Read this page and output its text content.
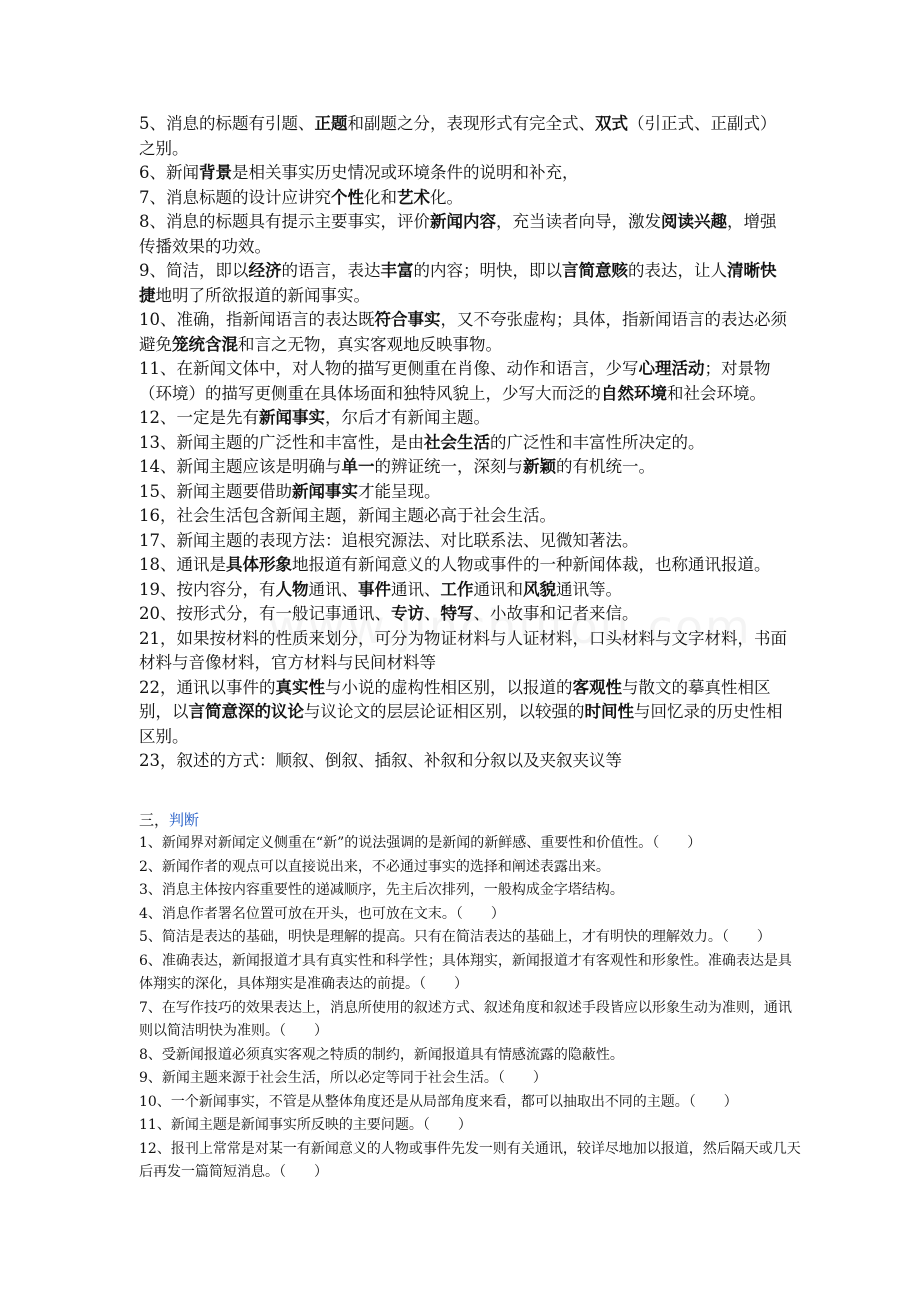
5、消息的标题有引题、正题和副题之分，表现形式有完全式、双式（引正式、正副式）之别。

6、新闻背景是相关事实历史情况或环境条件的说明和补充，

7、消息标题的设计应讲究个性化和艺术化。

8、消息的标题具有提示主要事实，评价新闻内容，充当读者向导，激发阅读兴趣，增强传播效果的功效。

9、简洁，即以经济的语言，表达丰富的内容；明快，即以言简意赅的表达，让人清晰快捷地明了所欲报道的新闻事实。

10、准确，指新闻语言的表达既符合事实，又不夸张虚构；具体，指新闻语言的表达必须避免笼统含混和言之无物，真实客观地反映事物。

11、在新闻文体中，对人物的描写更侧重在肖像、动作和语言，少写心理活动；对景物（环境）的描写更侧重在具体场面和独特风貌上，少写大而泛的自然环境和社会环境。

12、一定是先有新闻事实，尔后才有新闻主题。

13、新闻主题的广泛性和丰富性，是由社会生活的广泛性和丰富性所决定的。

14、新闻主题应该是明确与单一的辨证统一，深刻与新颖的有机统一。

15、新闻主题要借助新闻事实才能呈现。

16，社会生活包含新闻主题，新闻主题必高于社会生活。

17、新闻主题的表现方法：追根究源法、对比联系法、见微知著法。

18、通讯是具体形象地报道有新闻意义的人物或事件的一种新闻体裁，也称通讯报道。

19、按内容分，有人物通讯、事件通讯、工作通讯和风貌通讯等。

20、按形式分，有一般记事通讯、专访、特写、小故事和记者来信。

21，如果按材料的性质来划分，可分为物证材料与人证材料，口头材料与文字材料，书面材料与音像材料，官方材料与民间材料等

22，通讯以事件的真实性与小说的虚构性相区别，以报道的客观性与散文的摹真性相区别，以言简意深的议论与议论文的层层论证相区别，以较强的时间性与回忆录的历史性相区别。

23，叙述的方式：顺叙、倒叙、插叙、补叙和分叙以及夹叙夹议等

三，判断

1、新闻界对新闻定义侧重在“新”的说法强调的是新闻的新鲜感、重要性和价值性。（　　）

2、新闻作者的观点可以直接说出来，不必通过事实的选择和阐述表露出来。

3、消息主体按内容重要性的递减顺序，先主后次排列，一般构成金字塔结构。

4、消息作者署名位置可放在开头，也可放在文末。（　　）

5、简洁是表达的基础，明快是理解的提高。只有在简洁表达的基础上，才有明快的理解效力。（　　）

6、准确表达，新闻报道才具有真实性和科学性；具体翔实，新闻报道才有客观性和形象性。准确表达是具体翔实的深化，具体翔实是准确表达的前提。（　　）

7、在写作技巧的效果表达上，消息所使用的叙述方式、叙述角度和叙述手段皆应以形象生动为准则，通讯则以简洁明快为准则。（　　）

8、受新闻报道必须真实客观之特质的制约，新闻报道具有情感流露的隐蔽性。

9、新闻主题来源于社会生活，所以必定等同于社会生活。（　　）

10、一个新闻事实，不管是从整体角度还是从局部角度来看，都可以抽取出不同的主题。（　　）

11、新闻主题是新闻事实所反映的主要问题。（　　）

12、报刊上常常是对某一有新闻意义的人物或事件先发一则有关通讯，较详尽地加以报道，然后隔天或几天后再发一篇简短消息。（　　）
